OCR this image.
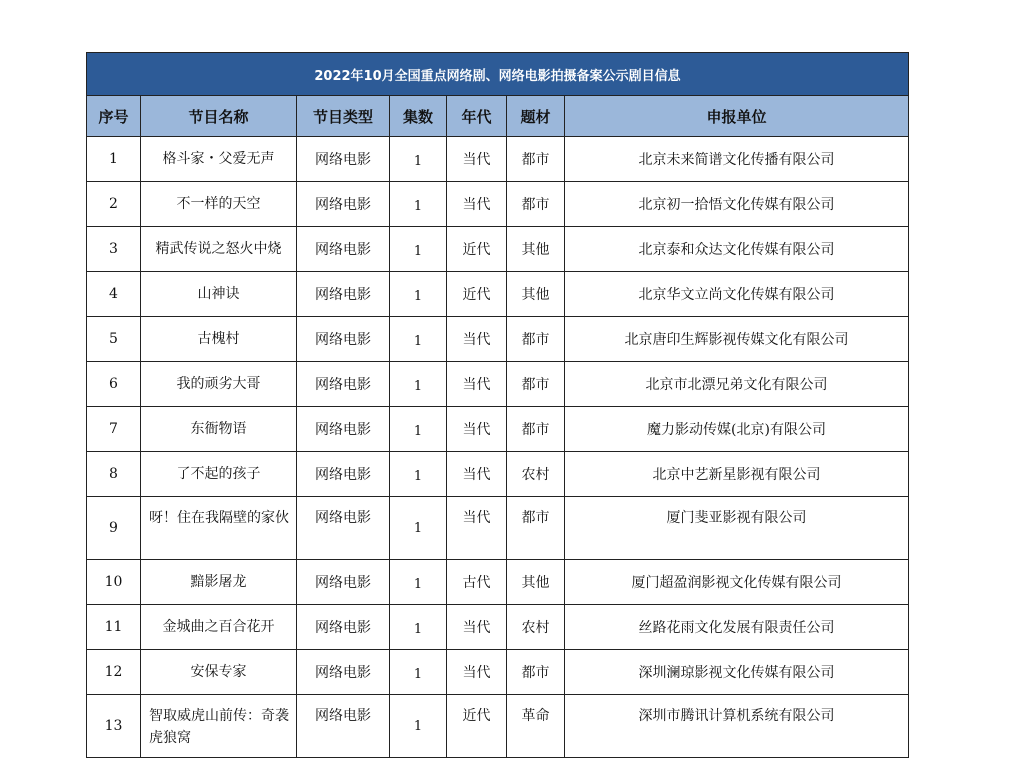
2022年10月全国重点网络剧、网络电影拍摄备案公示剧目信息						
序号	节目名称	节目类型	集数	年代	题材	申报单位
1	格斗家・父爱无声	网络电影	1	当代	都市	北京未来简谱文化传播有限公司
2	不一样的天空	网络电影	1	当代	都市	北京初一拾悟文化传媒有限公司
3	精武传说之怒火中烧	网络电影	1	近代	其他	北京泰和众达文化传媒有限公司
4	山神诀	网络电影	1	近代	其他	北京华文立尚文化传媒有限公司
5	古槐村	网络电影	1	当代	都市	北京唐印生辉影视传媒文化有限公司
6	我的顽劣大哥	网络电影	1	当代	都市	北京市北漂兄弟文化有限公司
7	东衙物语	网络电影	1	当代	都市	魔力影动传媒(北京)有限公司
8	了不起的孩子	网络电影	1	当代	农村	北京中艺新星影视有限公司
9	呀！住在我隔壁的家伙	网络电影	1	当代	都市	厦门斐亚影视有限公司
10	黯影屠龙	网络电影	1	古代	其他	厦门超盈润影视文化传媒有限公司
11	金城曲之百合花开	网络电影	1	当代	农村	丝路花雨文化发展有限责任公司
12	安保专家	网络电影	1	当代	都市	深圳澜琼影视文化传媒有限公司
13	智取威虎山前传：奇袭虎狼窝	网络电影	1	近代	革命	深圳市腾讯计算机系统有限公司
